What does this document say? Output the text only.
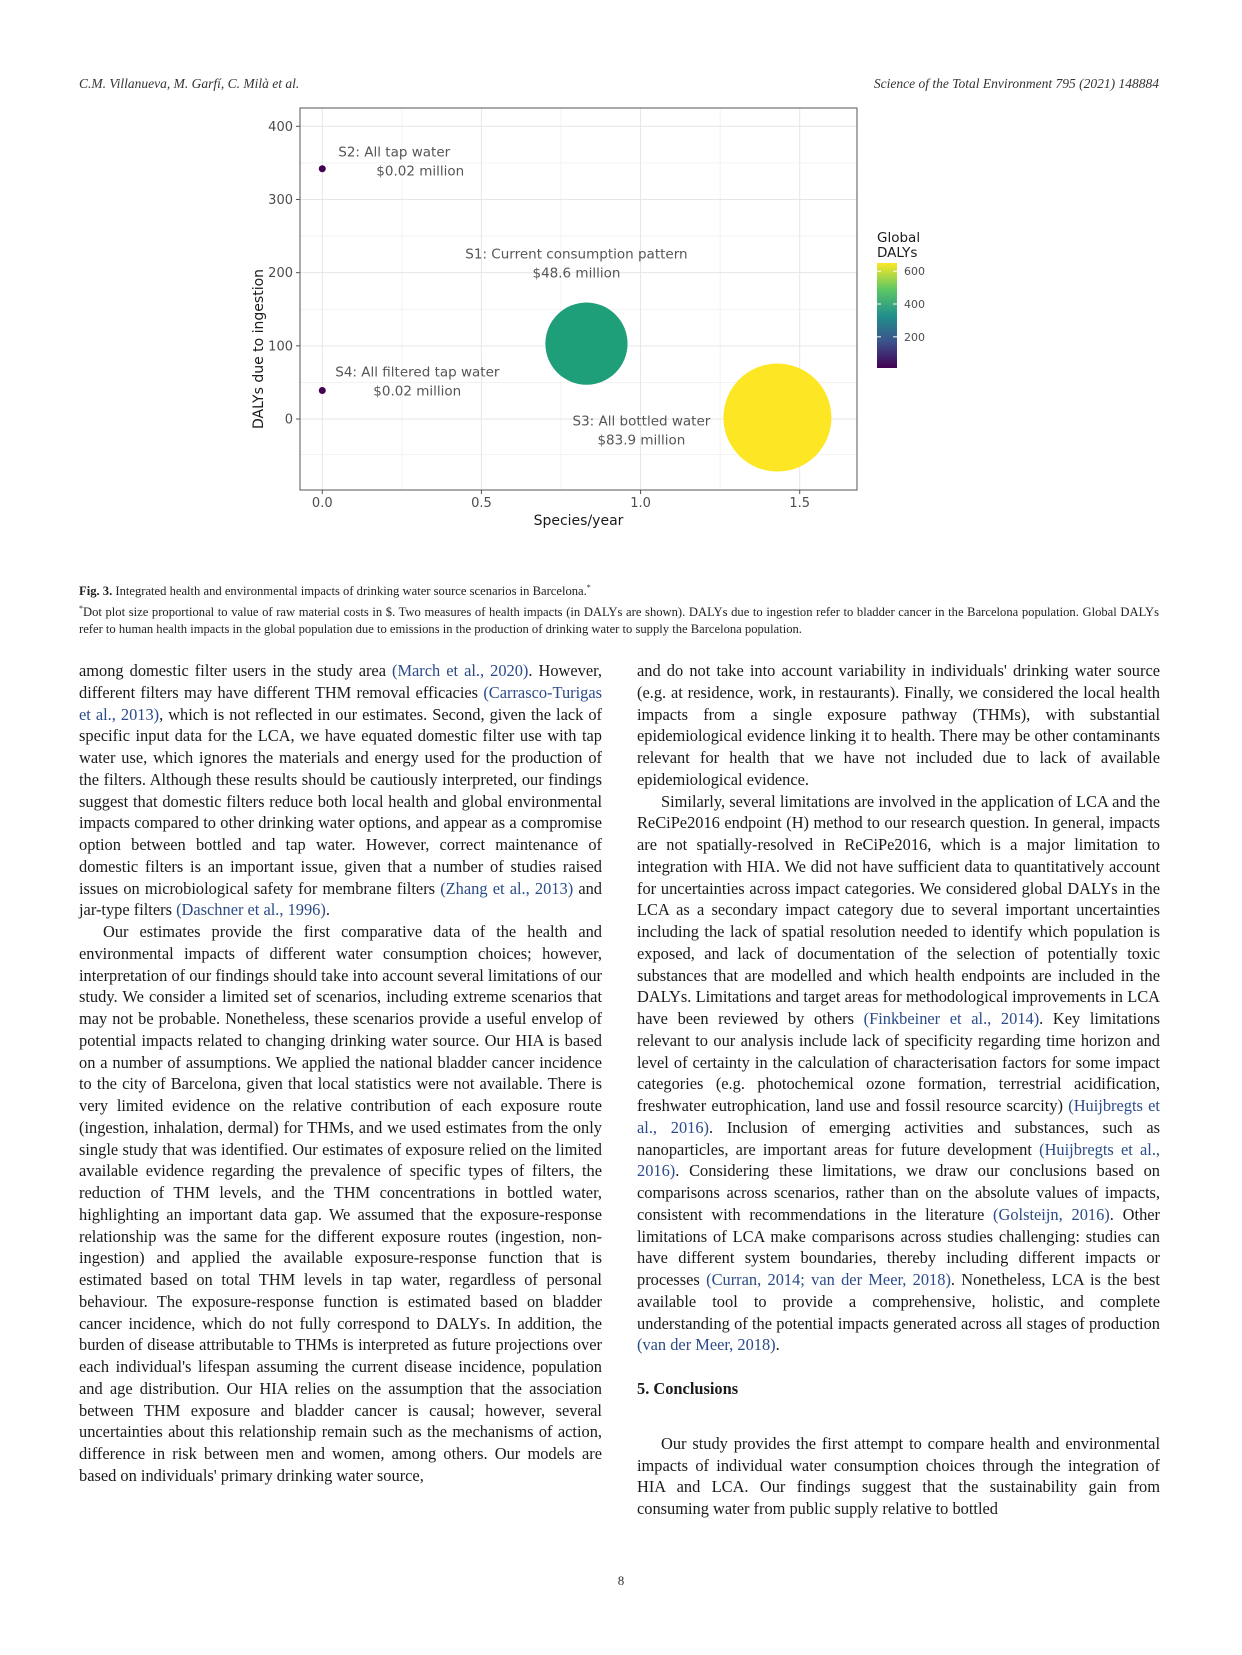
C.M. Villanueva, M. Garfí, C. Milà et al.	Science of the Total Environment 795 (2021) 148884
0.0	0.5	1.0	1.5
0
100
200
300
400
S2: All tap water
$0.02 million
S4: All filtered tap water
$0.02 million
S1: Current consumption pattern
$48.6 million
S3: All bottled water
$83.9 million
Species/year
DALYs due to ingestion
Global
DALYs
200
400
600

Fig. 3. Integrated health and environmental impacts of drinking water source scenarios in Barcelona.*

*Dot plot size proportional to value of raw material costs in $. Two measures of health impacts (in DALYs are shown). DALYs due to ingestion refer to bladder cancer in the Barcelona population. Global DALYs refer to human health impacts in the global population due to emissions in the production of drinking water to supply the Barcelona population.

among domestic filter users in the study area (March et al., 2020). However, different filters may have different THM removal efficacies (Carrasco-Turigas et al., 2013), which is not reflected in our estimates. Second, given the lack of specific input data for the LCA, we have equated domestic filter use with tap water use, which ignores the materials and energy used for the production of the filters. Although these results should be cautiously interpreted, our findings suggest that domestic filters reduce both local health and global environmental impacts compared to other drinking water options, and appear as a compromise option between bottled and tap water. However, correct maintenance of domestic filters is an important issue, given that a number of studies raised issues on microbiological safety for membrane filters (Zhang et al., 2013) and jar-type filters (Daschner et al., 1996).

Our estimates provide the first comparative data of the health and environmental impacts of different water consumption choices; however, interpretation of our findings should take into account several limitations of our study. We consider a limited set of scenarios, including extreme scenarios that may not be probable. Nonetheless, these scenarios provide a useful envelop of potential impacts related to changing drinking water source. Our HIA is based on a number of assumptions. We applied the national bladder cancer incidence to the city of Barcelona, given that local statistics were not available. There is very limited evidence on the relative contribution of each exposure route (ingestion, inhalation, dermal) for THMs, and we used estimates from the only single study that was identified. Our estimates of exposure relied on the limited available evidence regarding the prevalence of specific types of filters, the reduction of THM levels, and the THM concentrations in bottled water, highlighting an important data gap. We assumed that the exposure-response relationship was the same for the different exposure routes (ingestion, non-ingestion) and applied the available exposure-response function that is estimated based on total THM levels in tap water, regardless of personal behaviour. The exposure-response function is estimated based on bladder cancer incidence, which do not fully correspond to DALYs. In addition, the burden of disease attributable to THMs is interpreted as future projections over each individual's lifespan assuming the current disease incidence, population and age distribution. Our HIA relies on the assumption that the association between THM exposure and bladder cancer is causal; however, several uncertainties about this relationship remain such as the mechanisms of action, difference in risk between men and women, among others. Our models are based on individuals' primary drinking water source,

and do not take into account variability in individuals' drinking water source (e.g. at residence, work, in restaurants). Finally, we considered the local health impacts from a single exposure pathway (THMs), with substantial epidemiological evidence linking it to health. There may be other contaminants relevant for health that we have not included due to lack of available epidemiological evidence.

Similarly, several limitations are involved in the application of LCA and the ReCiPe2016 endpoint (H) method to our research question. In general, impacts are not spatially-resolved in ReCiPe2016, which is a major limitation to integration with HIA. We did not have sufficient data to quantitatively account for uncertainties across impact categories. We considered global DALYs in the LCA as a secondary impact category due to several important uncertainties including the lack of spatial resolution needed to identify which population is exposed, and lack of documentation of the selection of potentially toxic substances that are modelled and which health endpoints are included in the DALYs. Limitations and target areas for methodological improvements in LCA have been reviewed by others (Finkbeiner et al., 2014). Key limitations relevant to our analysis include lack of specificity regarding time horizon and level of certainty in the calculation of characterisation factors for some impact categories (e.g. photochemical ozone formation, terrestrial acidification, freshwater eutrophication, land use and fossil resource scarcity) (Huijbregts et al., 2016). Inclusion of emerging activities and substances, such as nanoparticles, are important areas for future development (Huijbregts et al., 2016). Considering these limitations, we draw our conclusions based on comparisons across scenarios, rather than on the absolute values of impacts, consistent with recommendations in the literature (Golsteijn, 2016). Other limitations of LCA make comparisons across studies challenging: studies can have different system boundaries, thereby including different impacts or processes (Curran, 2014; van der Meer, 2018). Nonetheless, LCA is the best available tool to provide a comprehensive, holistic, and complete understanding of the potential impacts generated across all stages of production (van der Meer, 2018).

5. Conclusions

Our study provides the first attempt to compare health and environmental impacts of individual water consumption choices through the integration of HIA and LCA. Our findings suggest that the sustainability gain from consuming water from public supply relative to bottled

8
